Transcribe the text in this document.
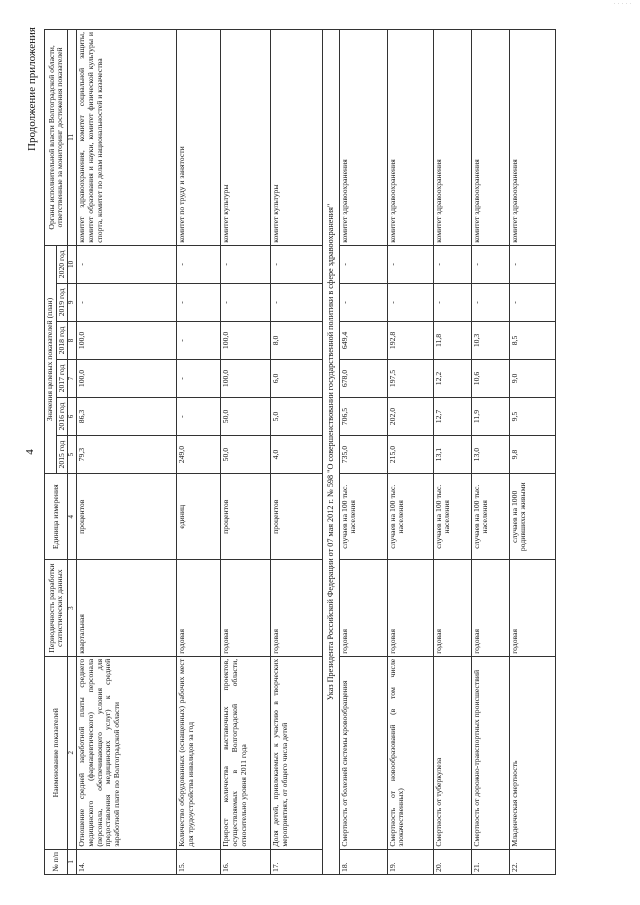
· · · · ·
4
Продолжение приложения
№ п/п	Наименование показателей	Периодичность разработки статистических данных	Единица измерения	Значения целевых показателей (план)						Органы исполнительной власти Волгоградской области, ответственные за мониторинг достижения показателей
				2015 год	2016 год	2017 год	2018 год	2019 год	2020 год	
1	2	3	4	5	6	7	8	9	10	11
14.	Отношение средней заработной платы среднего медицинского (фармацевтического) персонала (персонала, обеспечивающего условия для предоставления медицинских услуг) к средней заработной плате по Волгоградской области	квартальная	процентов	79,3	86,3	100,0	100,0	-	-	комитет здравоохранения, комитет социальной защиты, комитет образования и науки, комитет физической культуры и спорта, комитет по делам национальностей и казачества
15.	Количество оборудованных (оснащенных) рабочих мест для трудоустройства инвалидов за год	годовая	единиц	249,0	-	-	-	-	-	комитет по труду и занятости
16.	Прирост количества выставочных проектов, осуществляемых в Волгоградской области, относительно уровня 2011 года	годовая	процентов	50,0	50,0	100,0	100,0	-	-	комитет культуры
17.	Доля детей, привлекаемых к участию в творческих мероприятиях, от общего числа детей	годовая	процентов	4,0	5,0	6,0	8,0	-	-	комитет культуры
Указ Президента Российской Федерации от 07 мая 2012 г. № 598 "О совершенствовании государственной политики в сфере здравоохранения"										
18.	Смертность от болезней системы кровообращения	годовая	случаев на 100 тыс. населения	735,0	706,5	678,0	649,4	-	-	комитет здравоохранения
19.	Смертность от новообразований (в том числе злокачественных)	годовая	случаев на 100 тыс. населения	215,0	202,0	197,5	192,8	-	-	комитет здравоохранения
20.	Смертность от туберкулеза	годовая	случаев на 100 тыс. населения	13,1	12,7	12,2	11,8	-	-	комитет здравоохранения
21.	Смертность от дорожно-транспортных происшествий	годовая	случаев на 100 тыс. населения	13,0	11,9	10,6	10,3	-	-	комитет здравоохранения
22.	Младенческая смертность	годовая	случаев на 1000 родившихся живыми	9,8	9,5	9,0	8,5	-	-	комитет здравоохранения
